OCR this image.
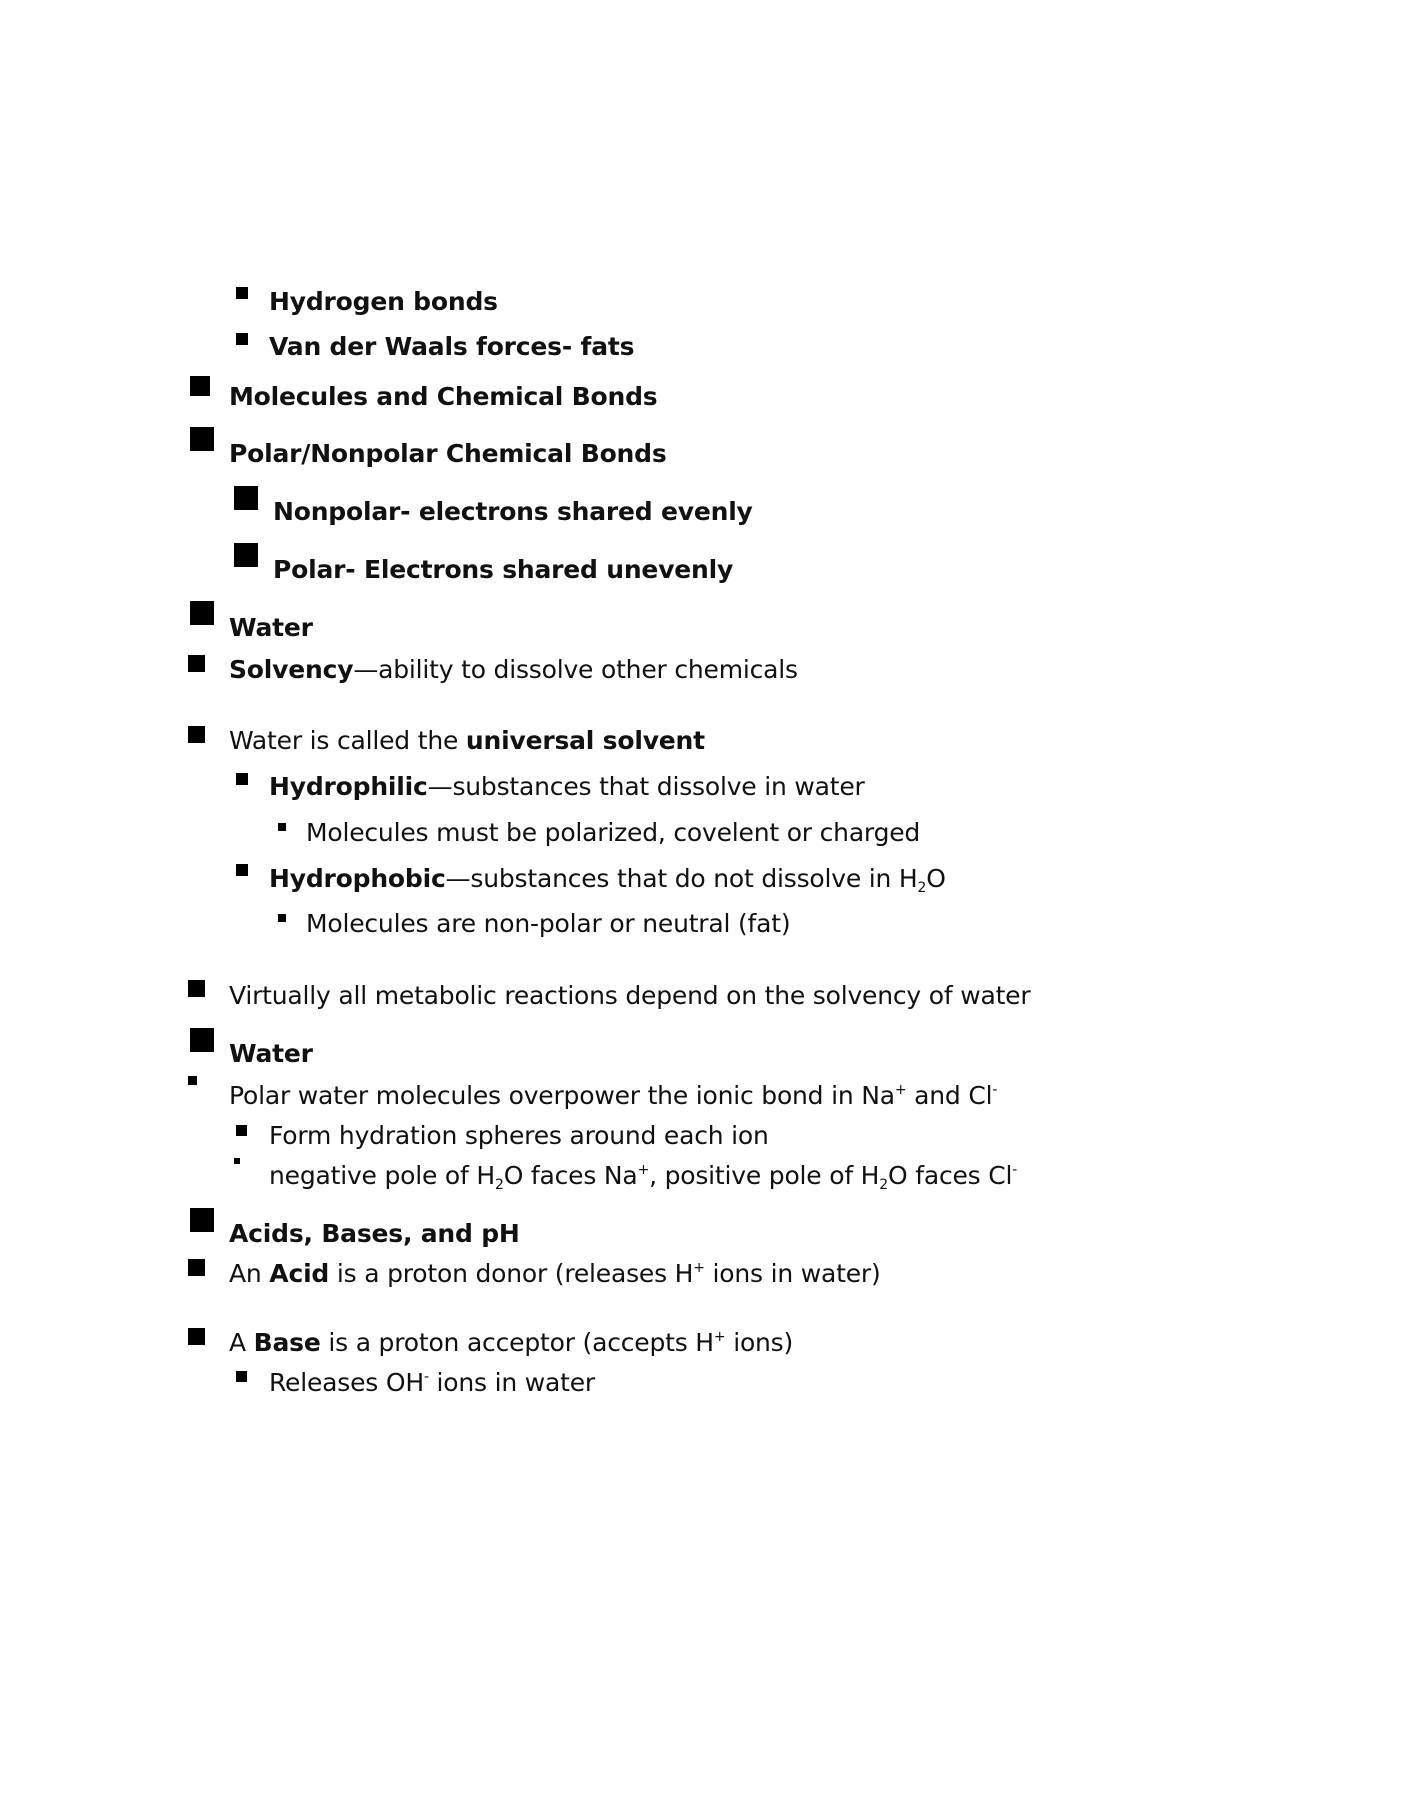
Hydrogen bonds
Van der Waals forces- fats
Molecules and Chemical Bonds
Polar/Nonpolar Chemical Bonds
Nonpolar- electrons shared evenly
Polar- Electrons shared unevenly
Water
Solvency—ability to dissolve other chemicals
Water is called the universal solvent
Hydrophilic—substances that dissolve in water
Molecules must be polarized, covelent or charged
Hydrophobic—substances that do not dissolve in $H_2O$
Molecules are non-polar or neutral (fat)
Virtually all metabolic reactions depend on the solvency of water
Water
Polar water molecules overpower the ionic bond in Na+ and Cl-
Form hydration spheres around each ion
negative pole of $H_2O$ faces Na+, positive pole of $H_2O$ faces Cl-
Acids, Bases, and pH
An Acid is a proton donor (releases H+ ions in water)
A Base is a proton acceptor (accepts H+ ions)
Releases OH- ions in water
